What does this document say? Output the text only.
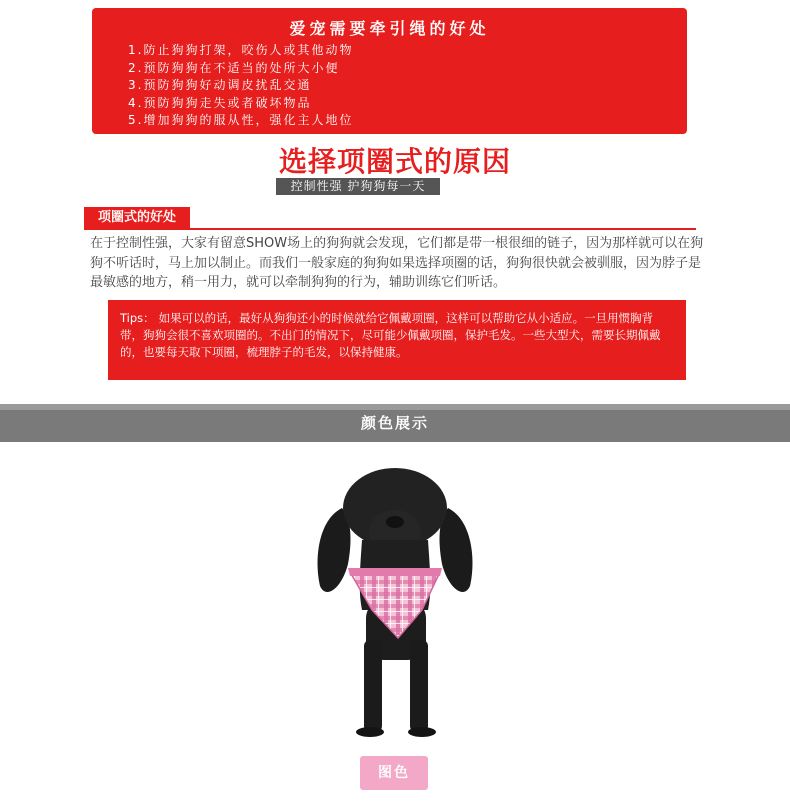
爱宠需要牵引绳的好处
1.防止狗狗打架，咬伤人或其他动物
2.预防狗狗在不适当的处所大小便
3.预防狗狗好动调皮扰乱交通
4.预防狗狗走失或者破坏物品
5.增加狗狗的服从性，强化主人地位
选择项圈式的原因
控制性强 护狗狗每一天
项圈式的好处
在于控制性强，大家有留意SHOW场上的狗狗就会发现，它们都是带一根很细的链子，因为那样就可以在狗狗不听话时，马上加以制止。而我们一般家庭的狗狗如果选择项圈的话，狗狗很快就会被驯服，因为脖子是最敏感的地方，稍一用力，就可以牵制狗狗的行为，辅助训练它们听话。
Tips： 如果可以的话，最好从狗狗还小的时候就给它佩戴项圈，这样可以帮助它从小适应。一旦用惯胸背带，狗狗会很不喜欢项圈的。不出门的情况下，尽可能少佩戴项圈，保护毛发。一些大型犬，需要长期佩戴的，也要每天取下项圈，梳理脖子的毛发，以保持健康。
颜色展示
图色
